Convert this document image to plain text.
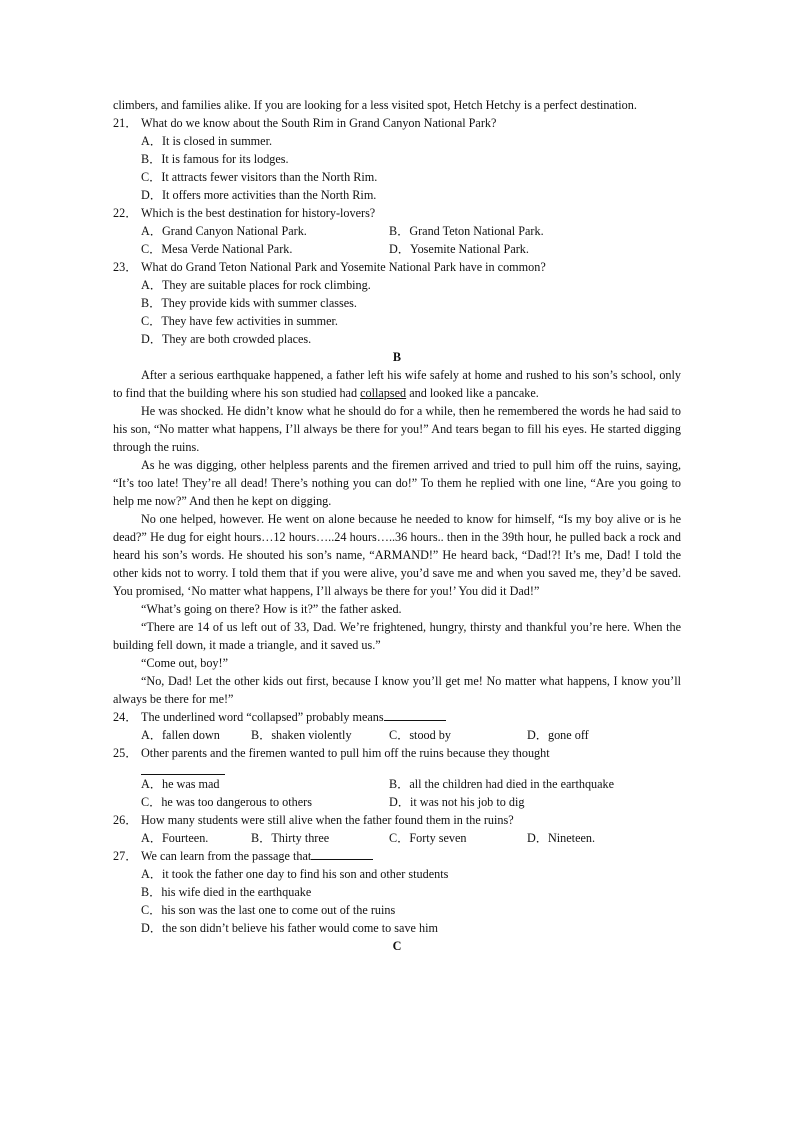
climbers, and families alike. If you are looking for a less visited spot, Hetch Hetchy is a perfect destination.

21． What do we know about the South Rim in Grand Canyon National Park?
A．It is closed in summer.
B．It is famous for its lodges.
C．It attracts fewer visitors than the North Rim.
D．It offers more activities than the North Rim.
22． Which is the best destination for history-lovers?
A．Grand Canyon National Park.	B．Grand Teton National Park.
C．Mesa Verde National Park.	D．Yosemite National Park.
23． What do Grand Teton National Park and Yosemite National Park have in common?
A．They are suitable places for rock climbing.
B．They provide kids with summer classes.
C．They have few activities in summer.
D．They are both crowded places.

B

After a serious earthquake happened, a father left his wife safely at home and rushed to his son’s school, only to find that the building where his son studied had collapsed and looked like a pancake.

He was shocked. He didn’t know what he should do for a while, then he remembered the words he had said to his son, “No matter what happens, I’ll always be there for you!” And tears began to fill his eyes. He started digging through the ruins.

As he was digging, other helpless parents and the firemen arrived and tried to pull him off the ruins, saying, “It’s too late! They’re all dead! There’s nothing you can do!” To them he replied with one line, “Are you going to help me now?” And then he kept on digging.

No one helped, however. He went on alone because he needed to know for himself, “Is my boy alive or is he dead?” He dug for eight hours…12 hours…..24 hours…..36 hours.. then in the 39th hour, he pulled back a rock and heard his son’s words. He shouted his son’s name, “ARMAND!” He heard back, “Dad!?! It’s me, Dad! I told the other kids not to worry. I told them that if you were alive, you’d save me and when you saved me, they’d be saved. You promised, ‘No matter what happens, I’ll always be there for you!’ You did it Dad!”

“What’s going on there? How is it?” the father asked.

“There are 14 of us left out of 33, Dad. We’re frightened, hungry, thirsty and thankful you’re here. When the building fell down, it made a triangle, and it saved us.”

“Come out, boy!”

“No, Dad! Let the other kids out first, because I know you’ll get me! No matter what happens, I know you’ll always be there for me!”

24． The underlined word “collapsed” probably means
A．fallen down	B．shaken violently	C．stood by	D．gone off
25． Other parents and the firemen wanted to pull him off the ruins because they thought
A．he was mad	B．all the children had died in the earthquake
C．he was too dangerous to others	D．it was not his job to dig
26． How many students were still alive when the father found them in the ruins?
A．Fourteen.	B．Thirty three	C．Forty seven	D．Nineteen.
27． We can learn from the passage that
A．it took the father one day to find his son and other students
B．his wife died in the earthquake
C．his son was the last one to come out of the ruins
D．the son didn’t believe his father would come to save him

C
